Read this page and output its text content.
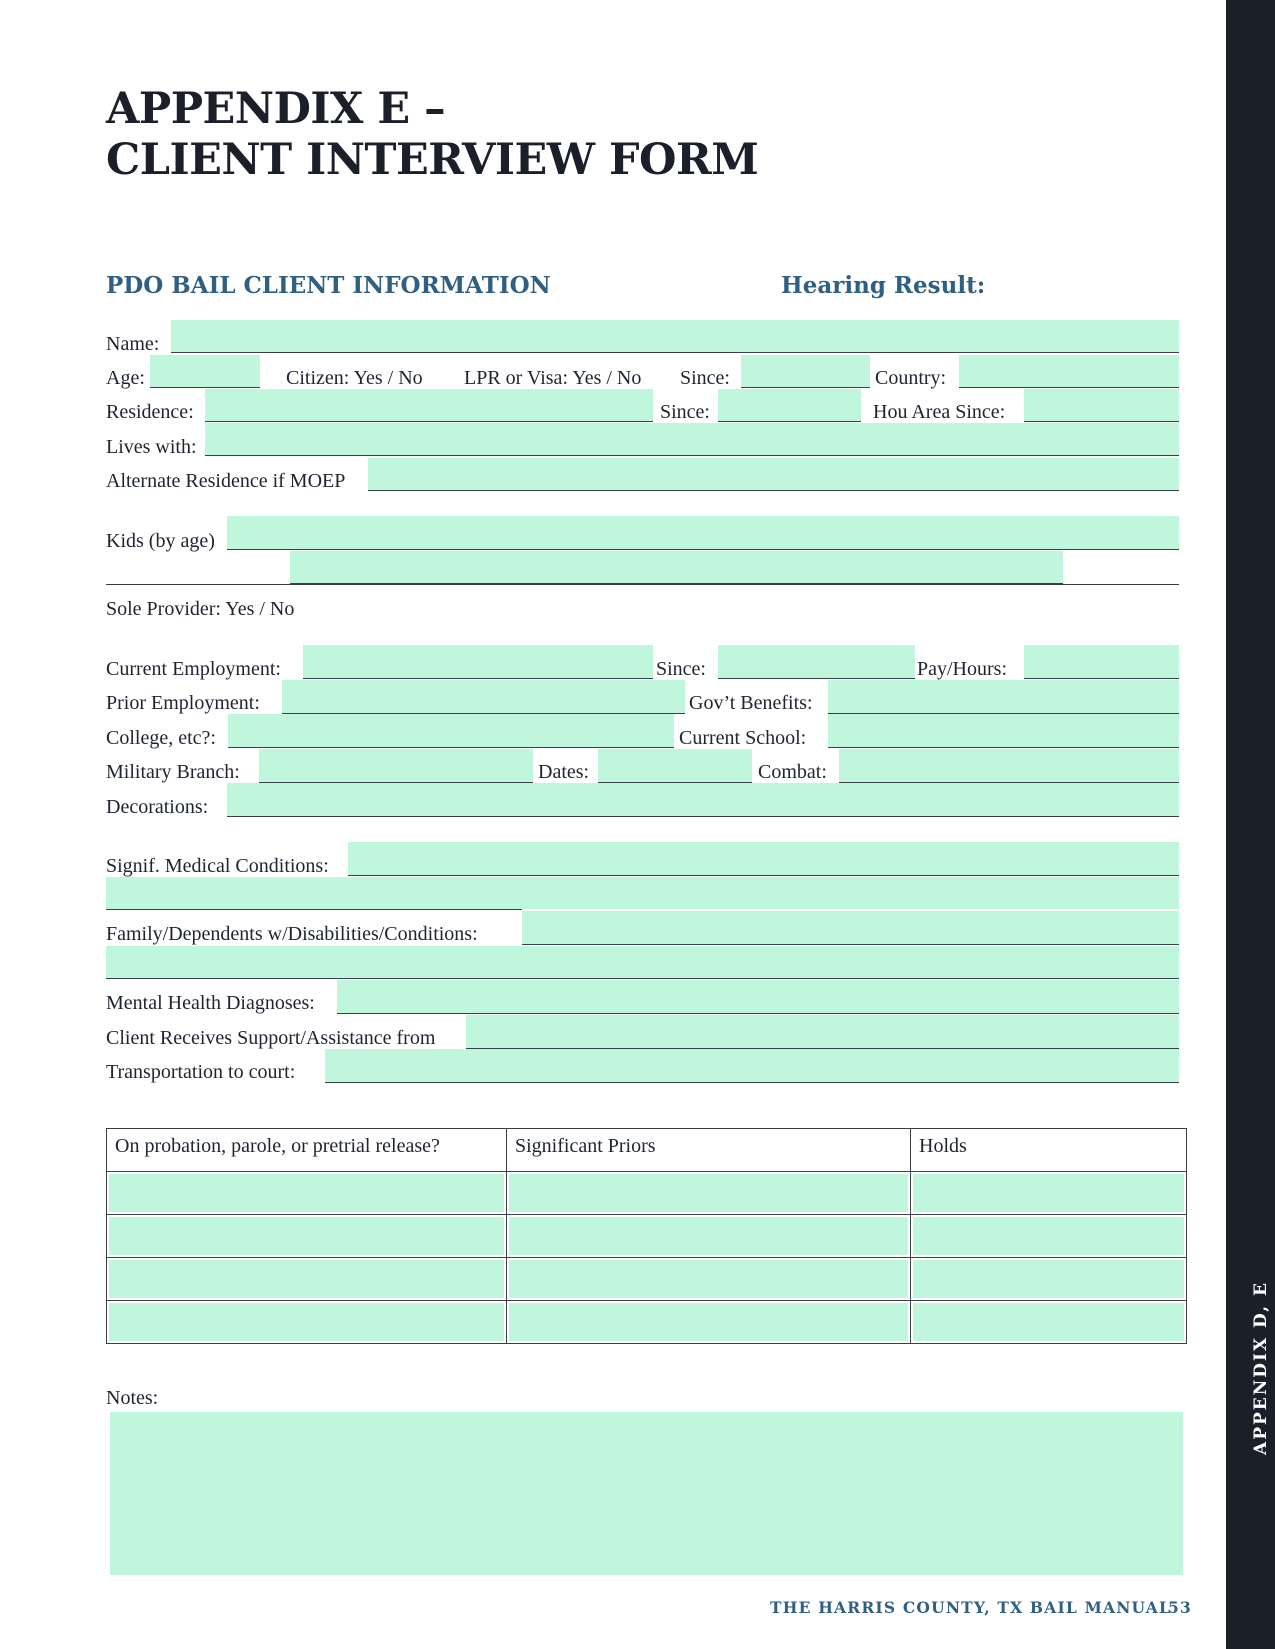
APPENDIX D, E
APPENDIX E –
CLIENT INTERVIEW FORM
PDO BAIL CLIENT INFORMATION	Hearing Result:
Name:
Age:	Citizen: Yes / No LPR or Visa: Yes / No Since:	Country:
Residence:	Since:	Hou Area Since:
Lives with:
Alternate Residence if MOEP
Kids (by age)
Sole Provider: Yes / No
Current Employment:	Since:	Pay/Hours:
Prior Employment:	Gov’t Benefits:
College, etc?:	Current School:
Military Branch:	Dates:	Combat:
Decorations:
Signif. Medical Conditions:
Family/Dependents w/Disabilities/Conditions:
Mental Health Diagnoses:
Client Receives Support/Assistance from
Transportation to court:
On probation, parole, or pretrial release?	Significant Priors	Holds

Notes:
THE HARRIS COUNTY, TX BAIL MANUAL
53
